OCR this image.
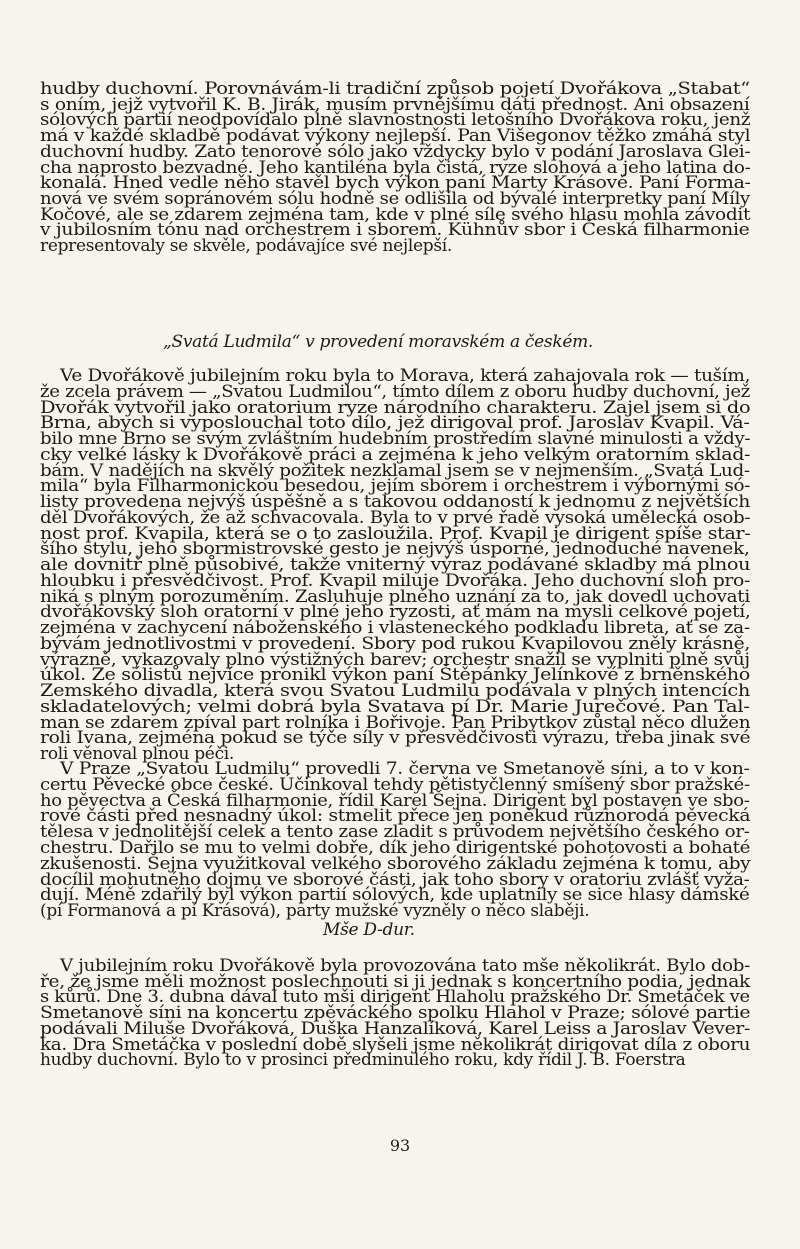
hudby duchovní. Porovnávám-li tradiční způsob pojetí Dvořákova „Stabat“
s oním, jejž vytvořil K. B. Jirák, musím prvnějšímu dáti přednost. Ani obsazení
sólových partií neodpovídalo plně slavnostnosti letošního Dvořákova roku, jenž
má v každé skladbě podávat výkony nejlepší. Pan Višegonov těžko zmáhá styl
duchovní hudby. Zato tenorové sólo jako vždycky bylo v podání Jaroslava Glei-
cha naprosto bezvadné. Jeho kantiléna byla čistá, ryze slohová a jeho latina do-
konalá. Hned vedle něho stavěl bych výkon paní Marty Krásové. Paní Forma-
nová ve svém sopránovém sólu hodně se odlišila od bývalé interpretky paní Míly
Kočové, ale se zdarem zejména tam, kde v plné síle svého hlasu mohla závodit
v jubilosním tónu nad orchestrem i sborem. Kühnův sbor i Česká filharmonie
representovaly se skvěle, podávajíce své nejlepší.
„Svatá Ludmila“ v provedení moravském a českém.
Ve Dvořákově jubilejním roku byla to Morava, která zahajovala rok — tuším,
že zcela právem — „Svatou Ludmilou“, tímto dílem z oboru hudby duchovní, jež
Dvořák vytvořil jako oratorium ryze národního charakteru. Zajel jsem si do
Brna, abych si vyposlouchal toto dílo, jež dirigoval prof. Jaroslav Kvapil. Vá-
bilo mne Brno se svým zvláštním hudebním prostředím slavné minulosti a vždy-
cky velké lásky k Dvořákově práci a zejména k jeho velkým oratorním sklad-
bám. V nadějích na skvělý požitek nezklamal jsem se v nejmenším. „Svatá Lud-
mila“ byla Filharmonickou besedou, jejím sborem i orchestrem i výbornými só-
listy provedena nejvýš úspěšně a s takovou oddaností k jednomu z největších
děl Dvořákových, že až schvacovala. Byla to v prvé řadě vysoká umělecká osob-
nost prof. Kvapila, která se o to zasloužila. Prof. Kvapil je dirigent spíše star-
šího stylu, jeho sbormistrovské gesto je nejvýš úsporné, jednoduché navenek,
ale dovnitř plně působivé, takže vniterný výraz podávané skladby má plnou
hloubku i přesvědčivost. Prof. Kvapil miluje Dvořáka. Jeho duchovní sloh pro-
niká s plným porozuměním. Zasluhuje plného uznání za to, jak dovedl uchovati
dvořákovský sloh oratorní v plné jeho ryzosti, ať mám na mysli celkové pojetí,
zejména v zachycení náboženského i vlasteneckého podkladu libreta, ať se za-
bývám jednotlivostmi v provedení. Sbory pod rukou Kvapilovou zněly krásně,
výrazně, vykazovaly plno výstižných barev; orchestr snažil se vyplniti plně svůj
úkol. Ze sólistů nejvíce pronikl výkon paní Štěpánky Jelínkové z brněnského
Zemského divadla, která svou Svatou Ludmilu podávala v plných intencích
skladatelových; velmi dobrá byla Svatava pí Dr. Marie Jurečové. Pan Tal-
man se zdarem zpíval part rolníka i Bořivoje. Pan Pribytkov zůstal něco dlužen
roli Ivana, zejména pokud se týče síly v přesvědčivosti výrazu, třeba jinak své
roli věnoval plnou péči.
V Praze „Svatou Ludmilu“ provedli 7. června ve Smetanově síni, a to v kon-
certu Pěvecké obce české. Účinkoval tehdy pětistyčlenný smíšený sbor pražské-
ho pěvectva a Česká filharmonie, řídil Karel Šejna. Dirigent byl postaven ve sbo-
rové části před nesnadný úkol: stmelit přece jen poněkud různorodá pěvecká
tělesa v jednolitější celek a tento zase zladit s průvodem největšího českého or-
chestru. Dařilo se mu to velmi dobře, dík jeho dirigentské pohotovosti a bohaté
zkušenosti. Šejna využitkoval velkého sborového základu zejména k tomu, aby
docílil mohutného dojmu ve sborové části, jak toho sbory v oratoriu zvlášť vyža-
dují. Méně zdařilý byl výkon partií sólových, kde uplatnily se sice hlasy dámské
(pí Formanová a pí Krásová), party mužské vyzněly o něco slaběji.
Mše D-dur.
V jubilejním roku Dvořákově byla provozována tato mše několikrát. Bylo dob-
ře, že jsme měli možnost poslechnouti si ji jednak s koncertního podia, jednak
s kůrů. Dne 3. dubna dával tuto mši dirigent Hlaholu pražského Dr. Smetáček ve
Smetanově síni na koncertu zpěváckého spolku Hlahol v Praze; sólové partie
podávali Miluše Dvořáková, Duška Hanzalíková, Karel Leiss a Jaroslav Vever-
ka. Dra Smetáčka v poslední době slyšeli jsme několikrát dirigovat díla z oboru
hudby duchovní. Bylo to v prosinci předminulého roku, kdy řídil J. B. Foerstra
93
